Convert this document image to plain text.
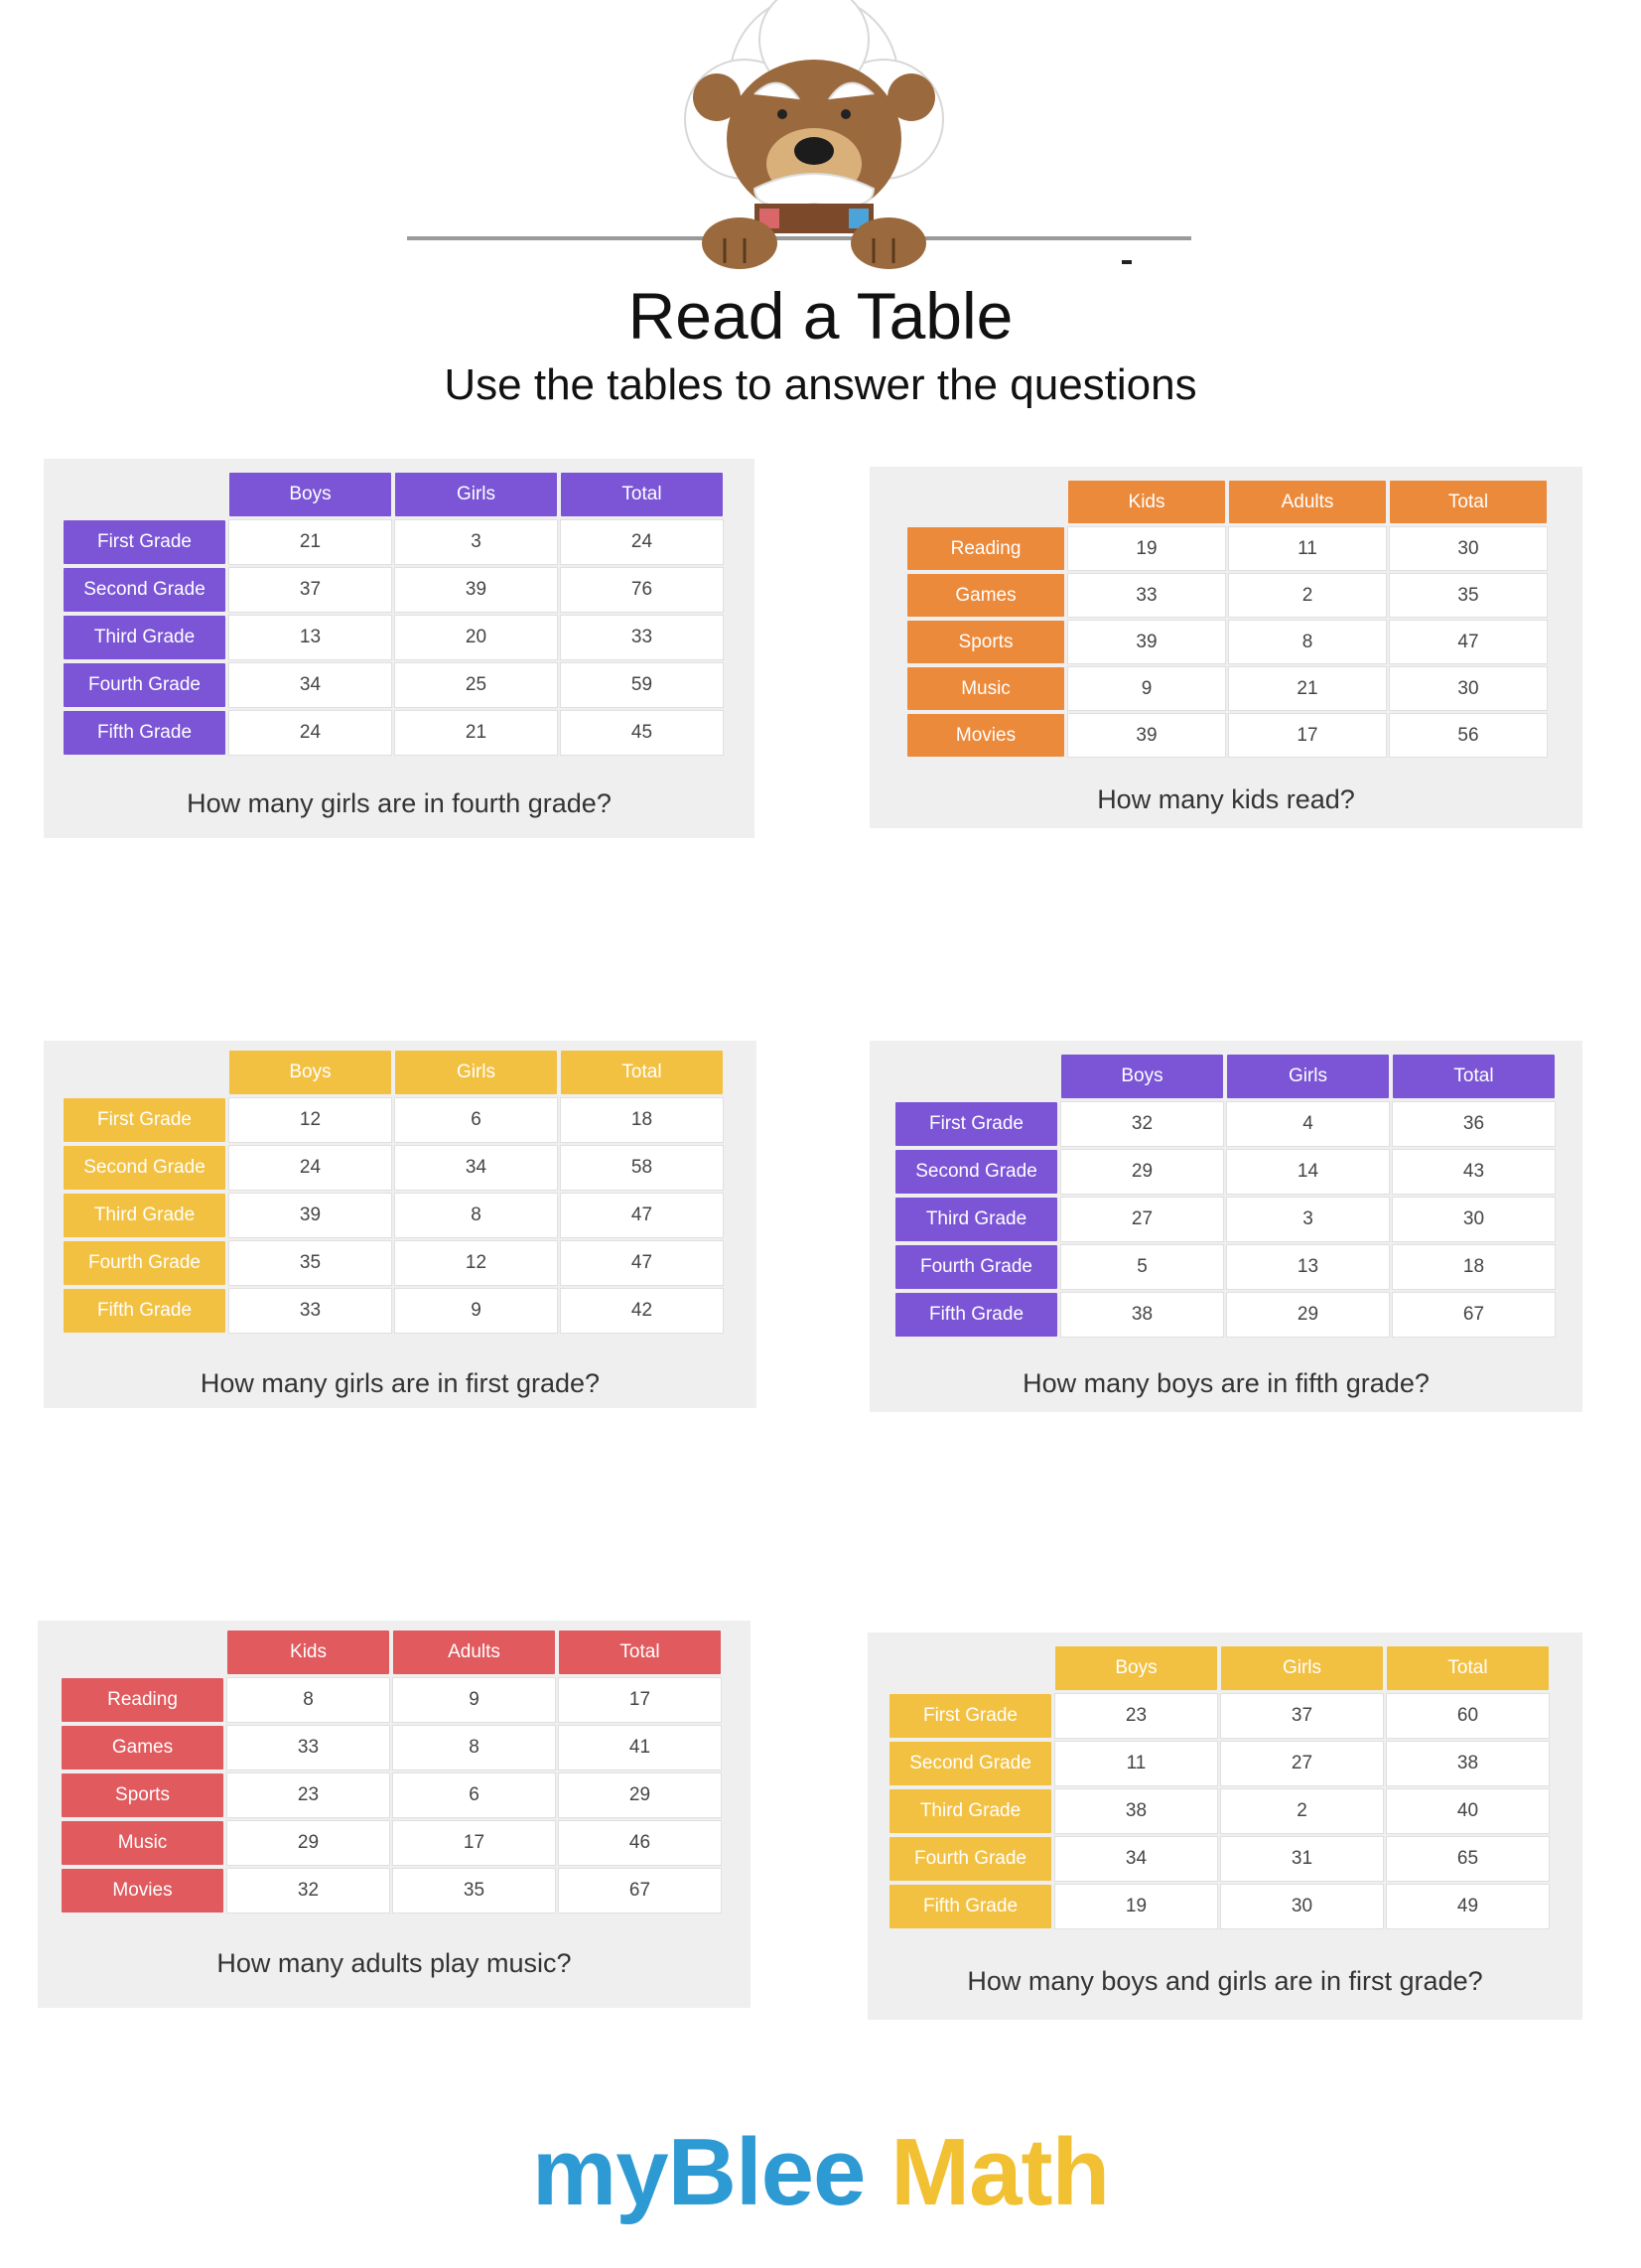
Read a Table
Use the tables to answer the questions
Boys	Girls	Total
First Grade	21	3	24
Second Grade	37	39	76
Third Grade	13	20	33
Fourth Grade	34	25	59
Fifth Grade	24	21	45
How many girls are in fourth grade?
Kids	Adults	Total
Reading	19	11	30
Games	33	2	35
Sports	39	8	47
Music	9	21	30
Movies	39	17	56
How many kids read?
Boys	Girls	Total
First Grade	12	6	18
Second Grade	24	34	58
Third Grade	39	8	47
Fourth Grade	35	12	47
Fifth Grade	33	9	42
How many girls are in first grade?
Boys	Girls	Total
First Grade	32	4	36
Second Grade	29	14	43
Third Grade	27	3	30
Fourth Grade	5	13	18
Fifth Grade	38	29	67
How many boys are in fifth grade?
Kids	Adults	Total
Reading	8	9	17
Games	33	8	41
Sports	23	6	29
Music	29	17	46
Movies	32	35	67
How many adults play music?
Boys	Girls	Total
First Grade	23	37	60
Second Grade	11	27	38
Third Grade	38	2	40
Fourth Grade	34	31	65
Fifth Grade	19	30	49
How many boys and girls are in first grade?
myBlee Math
